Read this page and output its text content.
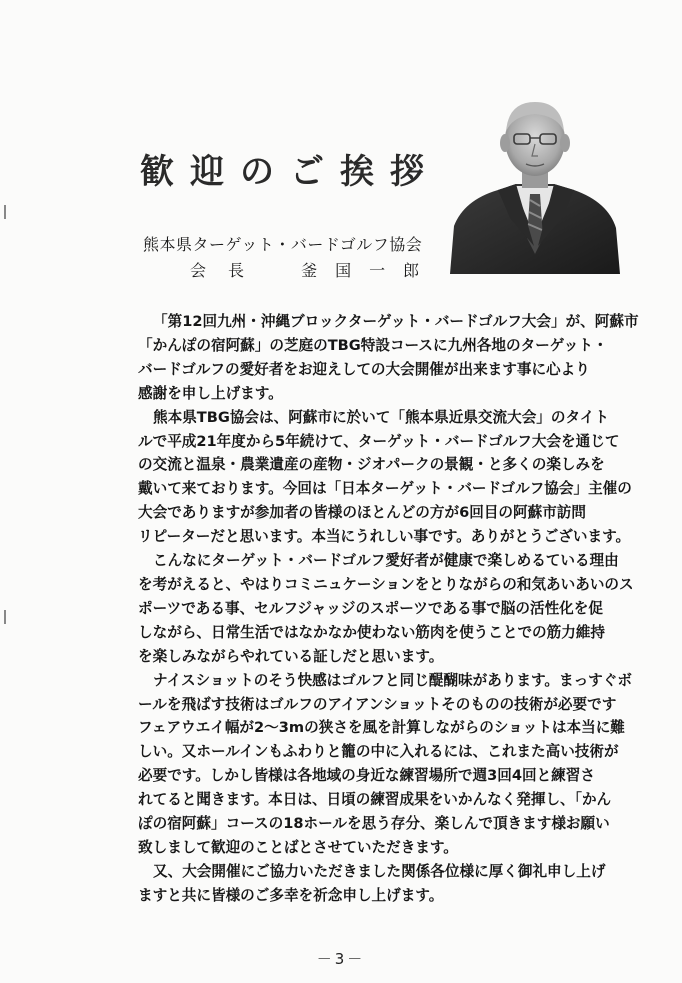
歓迎のご挨拶
熊本県ターゲット・バードゴルフ協会
会長 釜国一郎
「第12回九州・沖縄ブロックターゲット・バードゴルフ大会」が、阿蘇市
「かんぽの宿阿蘇」の芝庭のTBG特設コースに九州各地のターゲット・
バードゴルフの愛好者をお迎えしての大会開催が出来ます事に心より
感謝を申し上げます。
熊本県TBG協会は、阿蘇市に於いて「熊本県近県交流大会」のタイト
ルで平成21年度から5年続けて、ターゲット・バードゴルフ大会を通じて
の交流と温泉・農業遺産の産物・ジオパークの景観・と多くの楽しみを
戴いて来ております。今回は「日本ターゲット・バードゴルフ協会」主催の
大会でありますが参加者の皆様のほとんどの方が6回目の阿蘇市訪問
リピーターだと思います。本当にうれしい事です。ありがとうございます。
こんなにターゲット・バードゴルフ愛好者が健康で楽しめるている理由
を考がえると、やはりコミニュケーションをとりながらの和気あいあいのス
ポーツである事、セルフジャッジのスポーツである事で脳の活性化を促
しながら、日常生活ではなかなか使わない筋肉を使うことでの筋力維持
を楽しみながらやれている証しだと思います。
ナイスショットのそう快感はゴルフと同じ醍醐味があります。まっすぐボ
ールを飛ばす技術はゴルフのアイアンショットそのものの技術が必要です
フェアウエイ幅が2～3mの狭さを風を計算しながらのショットは本当に難
しい。又ホールインもふわりと籠の中に入れるには、これまた高い技術が
必要です。しかし皆様は各地域の身近な練習場所で週3回4回と練習さ
れてると聞きます。本日は、日頃の練習成果をいかんなく発揮し、「かん
ぽの宿阿蘇」コースの18ホールを思う存分、楽しんで頂きます様お願い
致しまして歓迎のことばとさせていただきます。
又、大会開催にご協力いただきました関係各位様に厚く御礼申し上げ
ますと共に皆様のご多幸を祈念申し上げます。
－3－
